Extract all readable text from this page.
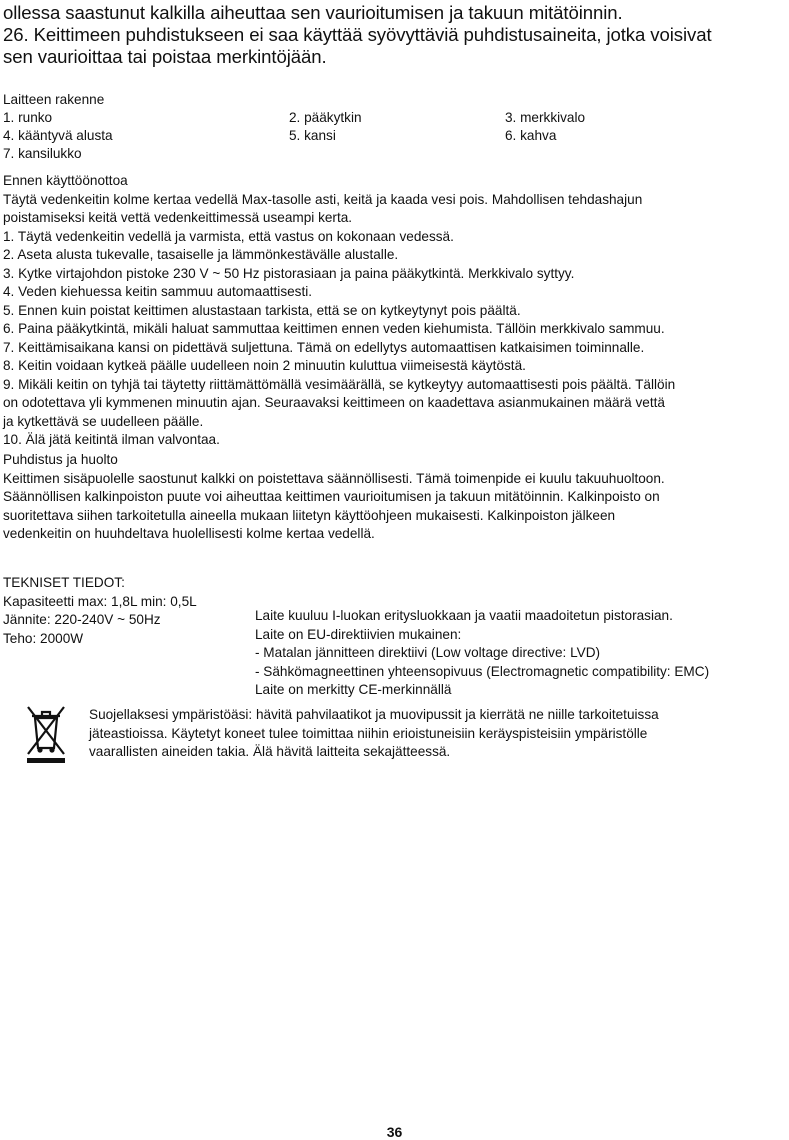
ollessa saastunut kalkilla aiheuttaa sen vaurioitumisen ja takuun mitätöinnin.
26. Keittimeen puhdistukseen ei saa käyttää syövyttäviä puhdistusaineita, jotka voisivat
sen vaurioittaa tai poistaa merkintöjään.
Laitteen rakenne
1. runko	2. pääkytkin	3. merkkivalo
4. kääntyvä alusta	5. kansi	6. kahva
7. kansilukko
Ennen käyttöönottoa
Täytä vedenkeitin kolme kertaa vedellä Max-tasolle asti, keitä ja kaada vesi pois. Mahdollisen tehdashajun
poistamiseksi keitä vettä vedenkeittimessä useampi kerta.
1. Täytä vedenkeitin vedellä ja varmista, että vastus on kokonaan vedessä.
2. Aseta alusta tukevalle, tasaiselle ja lämmönkestävälle alustalle.
3. Kytke virtajohdon pistoke 230 V ~ 50 Hz pistorasiaan ja paina pääkytkintä. Merkkivalo syttyy.
4. Veden kiehuessa keitin sammuu automaattisesti.
5. Ennen kuin poistat keittimen alustastaan tarkista, että se on kytkeytynyt pois päältä.
6. Paina pääkytkintä, mikäli haluat sammuttaa keittimen ennen veden kiehumista. Tällöin merkkivalo sammuu.
7. Keittämisaikana kansi on pidettävä suljettuna. Tämä on edellytys automaattisen katkaisimen toiminnalle.
8. Keitin voidaan kytkeä päälle uudelleen noin 2 minuutin kuluttua viimeisestä käytöstä.
9. Mikäli keitin on tyhjä tai täytetty riittämättömällä vesimäärällä, se kytkeytyy automaattisesti pois päältä. Tällöin
on odotettava yli kymmenen minuutin ajan. Seuraavaksi keittimeen on kaadettava asianmukainen määrä vettä
ja kytkettävä se uudelleen päälle.
10. Älä jätä keitintä ilman valvontaa.
Puhdistus ja huolto
Keittimen sisäpuolelle saostunut kalkki on poistettava säännöllisesti. Tämä toimenpide ei kuulu takuuhuoltoon.
Säännöllisen kalkinpoiston puute voi aiheuttaa keittimen vaurioitumisen ja takuun mitätöinnin. Kalkinpoisto on
suoritettava siihen tarkoitetulla aineella mukaan liitetyn käyttöohjeen mukaisesti. Kalkinpoiston jälkeen
vedenkeitin on huuhdeltava huolellisesti kolme kertaa vedellä.
TEKNISET TIEDOT:
Kapasiteetti max: 1,8L min: 0,5L
Jännite: 220-240V ~ 50Hz
Teho: 2000W
Laite kuuluu I-luokan eritysluokkaan ja vaatii maadoitetun pistorasian.
Laite on EU-direktiivien mukainen:
- Matalan jännitteen direktiivi (Low voltage directive: LVD)
- Sähkömagneettinen yhteensopivuus (Electromagnetic compatibility: EMC)
Laite on merkitty CE-merkinnällä
Suojellaksesi ympäristöäsi: hävitä pahvilaatikot ja muovipussit ja kierrätä ne niille tarkoitetuissa
jäteastioissa. Käytetyt koneet tulee toimittaa niihin erioistuneisiin keräyspisteisiin ympäristölle
vaarallisten aineiden takia. Älä hävitä laitteita sekajätteessä.
36
